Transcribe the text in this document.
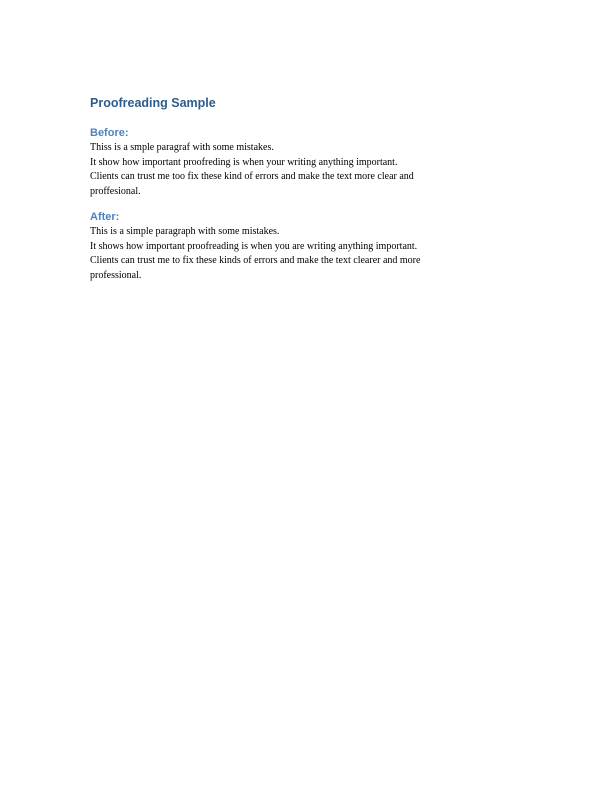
Proofreading Sample
Before:

Thiss is a smple paragraf with some mistakes.

It show how important proofreding is when your writing anything important.

Clients can trust me too fix these kind of errors and make the text more clear and

proffesional.

After:

This is a simple paragraph with some mistakes.

It shows how important proofreading is when you are writing anything important.

Clients can trust me to fix these kinds of errors and make the text clearer and more

professional.
